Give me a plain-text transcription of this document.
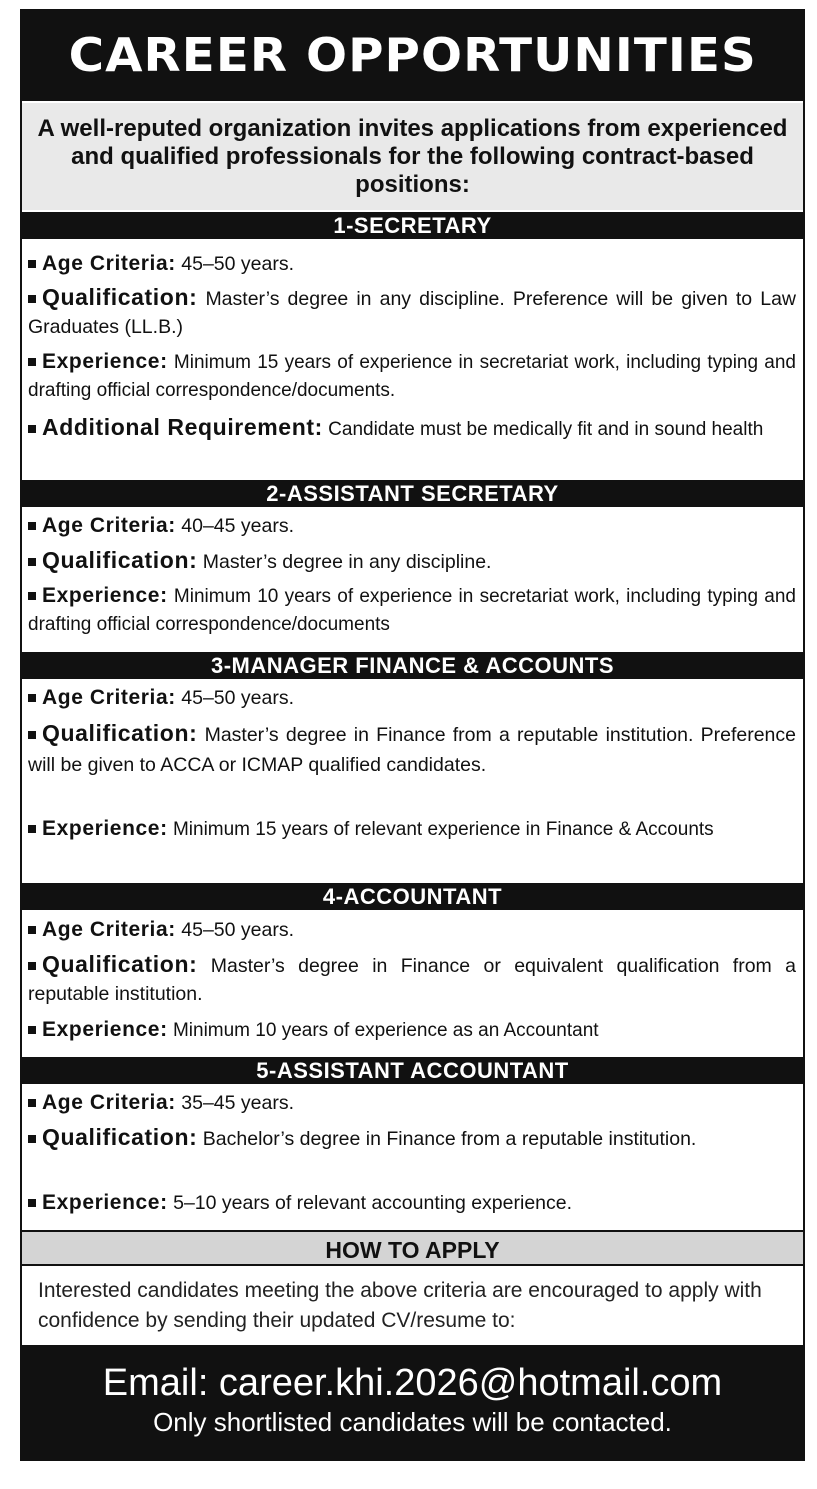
CAREER OPPORTUNITIES
A well-reputed organization invites applications from experienced and qualified professionals for the following contract-based positions:
1-SECRETARY
Age Criteria: 45–50 years.
Qualification: Master’s degree in any discipline. Preference will be given to Law Graduates (LL.B.)
Experience: Minimum 15 years of experience in secretariat work, including typing and drafting official correspondence/documents.
Additional Requirement: Candidate must be medically fit and in sound health
2-ASSISTANT SECRETARY
Age Criteria: 40–45 years.
Qualification: Master’s degree in any discipline.
Experience: Minimum 10 years of experience in secretariat work, including typing and drafting official correspondence/documents
3-MANAGER FINANCE & ACCOUNTS
Age Criteria: 45–50 years.
Qualification: Master’s degree in Finance from a reputable institution. Preference will be given to ACCA or ICMAP qualified candidates.
Experience: Minimum 15 years of relevant experience in Finance & Accounts
4-ACCOUNTANT
Age Criteria: 45–50 years.
Qualification: Master’s degree in Finance or equivalent qualification from a reputable institution.
Experience: Minimum 10 years of experience as an Accountant
5-ASSISTANT ACCOUNTANT
Age Criteria: 35–45 years.
Qualification: Bachelor’s degree in Finance from a reputable institution.
Experience: 5–10 years of relevant accounting experience.
HOW TO APPLY
Interested candidates meeting the above criteria are encouraged to apply with confidence by sending their updated CV/resume to:
Email: career.khi.2026@hotmail.com
Only shortlisted candidates will be contacted.
